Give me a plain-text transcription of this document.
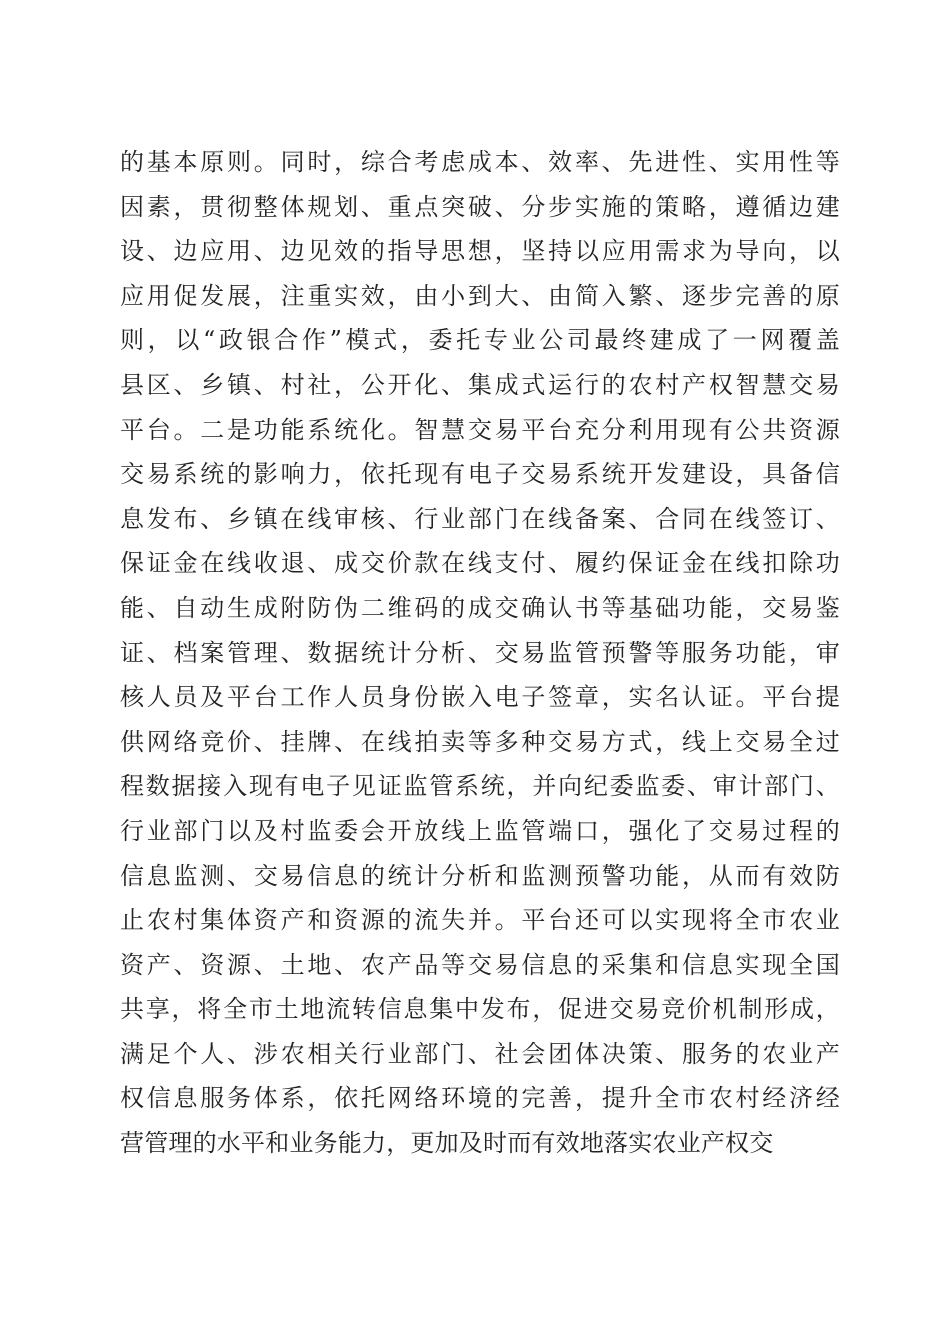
的基本原则。同时，综合考虑成本、效率、先进性、实用性等
因素，贯彻整体规划、重点突破、分步实施的策略，遵循边建
设、边应用、边见效的指导思想，坚持以应用需求为导向，以
应用促发展，注重实效，由小到大、由简入繁、逐步完善的原
则，以“政银合作”模式，委托专业公司最终建成了一网覆盖
县区、乡镇、村社，公开化、集成式运行的农村产权智慧交易
平台。二是功能系统化。智慧交易平台充分利用现有公共资源
交易系统的影响力，依托现有电子交易系统开发建设，具备信
息发布、乡镇在线审核、行业部门在线备案、合同在线签订、
保证金在线收退、成交价款在线支付、履约保证金在线扣除功
能、自动生成附防伪二维码的成交确认书等基础功能，交易鉴
证、档案管理、数据统计分析、交易监管预警等服务功能，审
核人员及平台工作人员身份嵌入电子签章，实名认证。平台提
供网络竞价、挂牌、在线拍卖等多种交易方式，线上交易全过
程数据接入现有电子见证监管系统，并向纪委监委、审计部门、
行业部门以及村监委会开放线上监管端口，强化了交易过程的
信息监测、交易信息的统计分析和监测预警功能，从而有效防
止农村集体资产和资源的流失并。平台还可以实现将全市农业
资产、资源、土地、农产品等交易信息的采集和信息实现全国
共享，将全市土地流转信息集中发布，促进交易竞价机制形成，
满足个人、涉农相关行业部门、社会团体决策、服务的农业产
权信息服务体系，依托网络环境的完善，提升全市农村经济经
营管理的水平和业务能力，更加及时而有效地落实农业产权交
